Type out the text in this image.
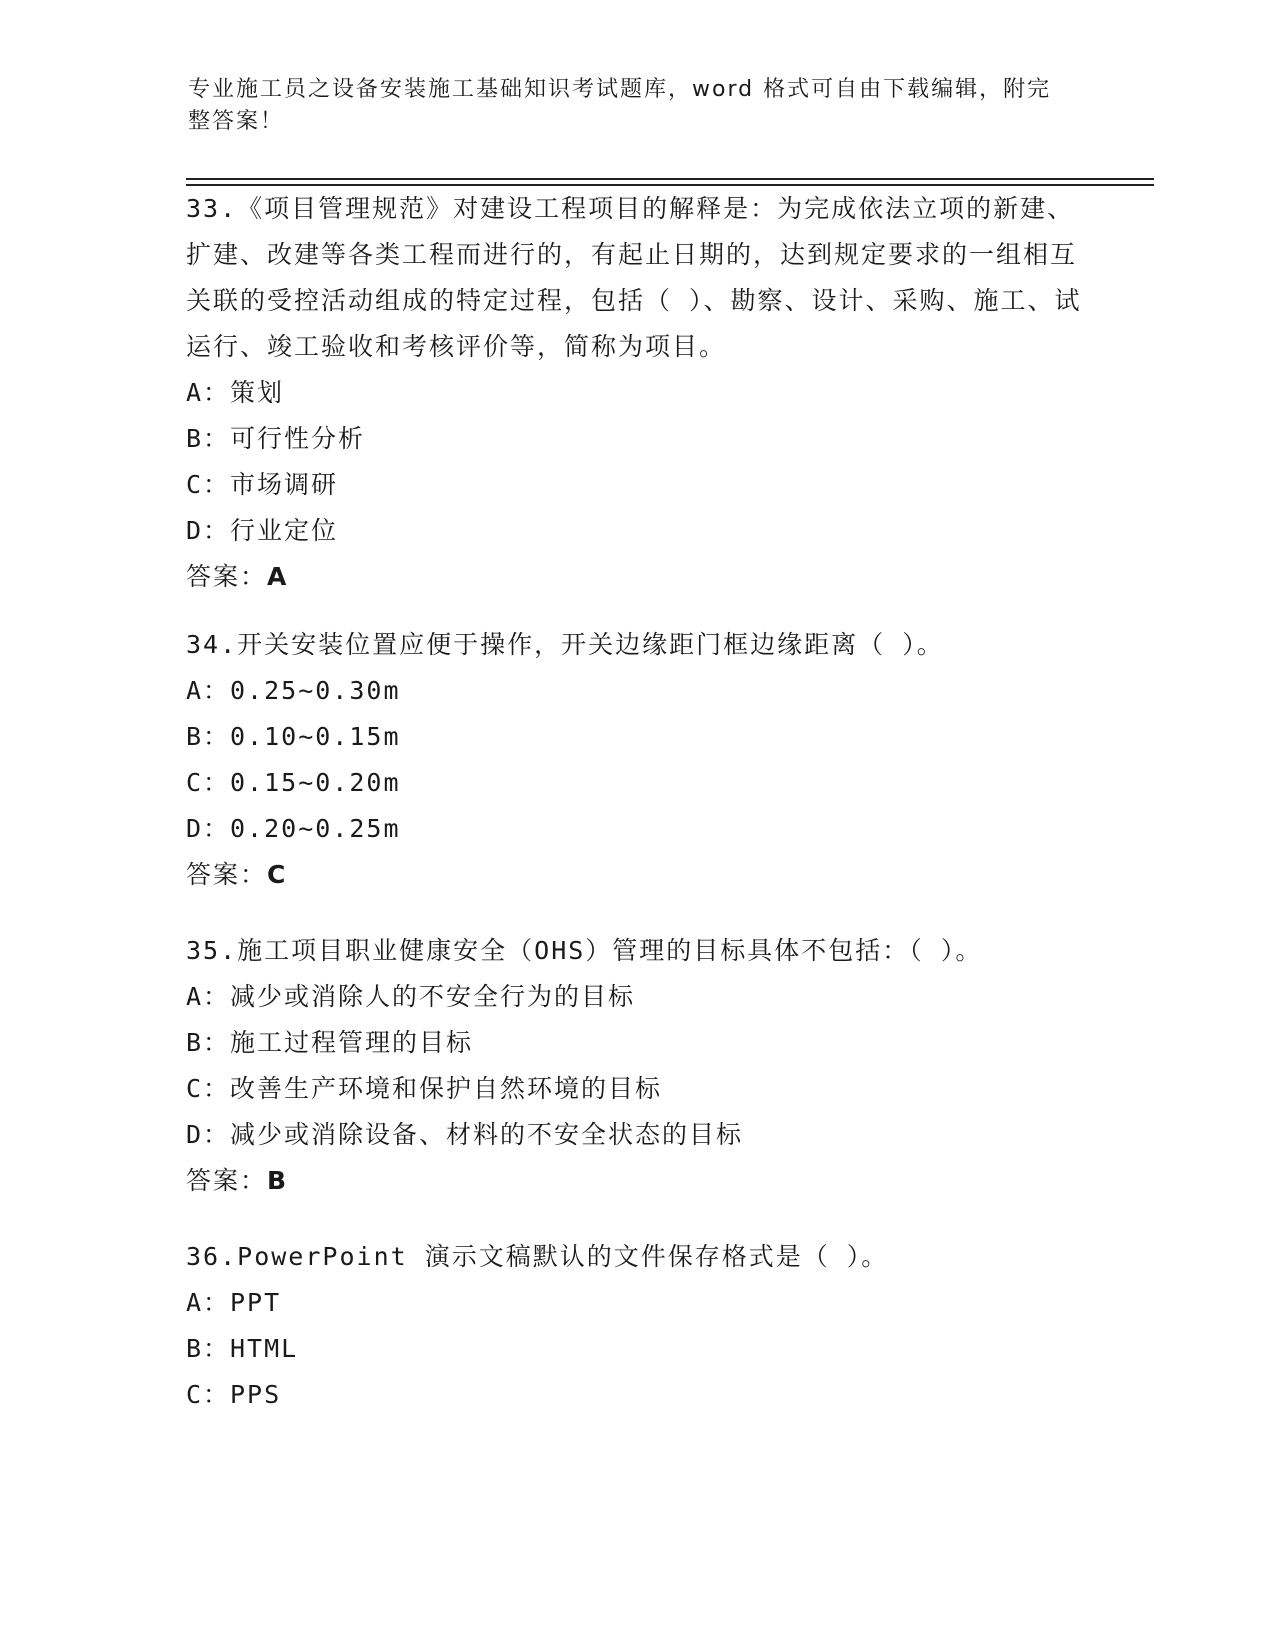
专业施工员之设备安装施工基础知识考试题库，word 格式可自由下载编辑，附完整答案！

33.《项目管理规范》对建设工程项目的解释是：为完成依法立项的新建、扩建、改建等各类工程而进行的，有起止日期的，达到规定要求的一组相互关联的受控活动组成的特定过程，包括（ ）、勘察、设计、采购、施工、试运行、竣工验收和考核评价等，简称为项目。

A：策划

B：可行性分析

C：市场调研

D：行业定位

答案：A

34.开关安装位置应便于操作，开关边缘距门框边缘距离（ ）。

A：0.25~0.30m

B：0.10~0.15m

C：0.15~0.20m

D：0.20~0.25m

答案：C

35.施工项目职业健康安全（OHS）管理的目标具体不包括：（ ）。

A：减少或消除人的不安全行为的目标

B：施工过程管理的目标

C：改善生产环境和保护自然环境的目标

D：减少或消除设备、材料的不安全状态的目标

答案：B

36.PowerPoint 演示文稿默认的文件保存格式是（ ）。

A：PPT

B：HTML

C：PPS
